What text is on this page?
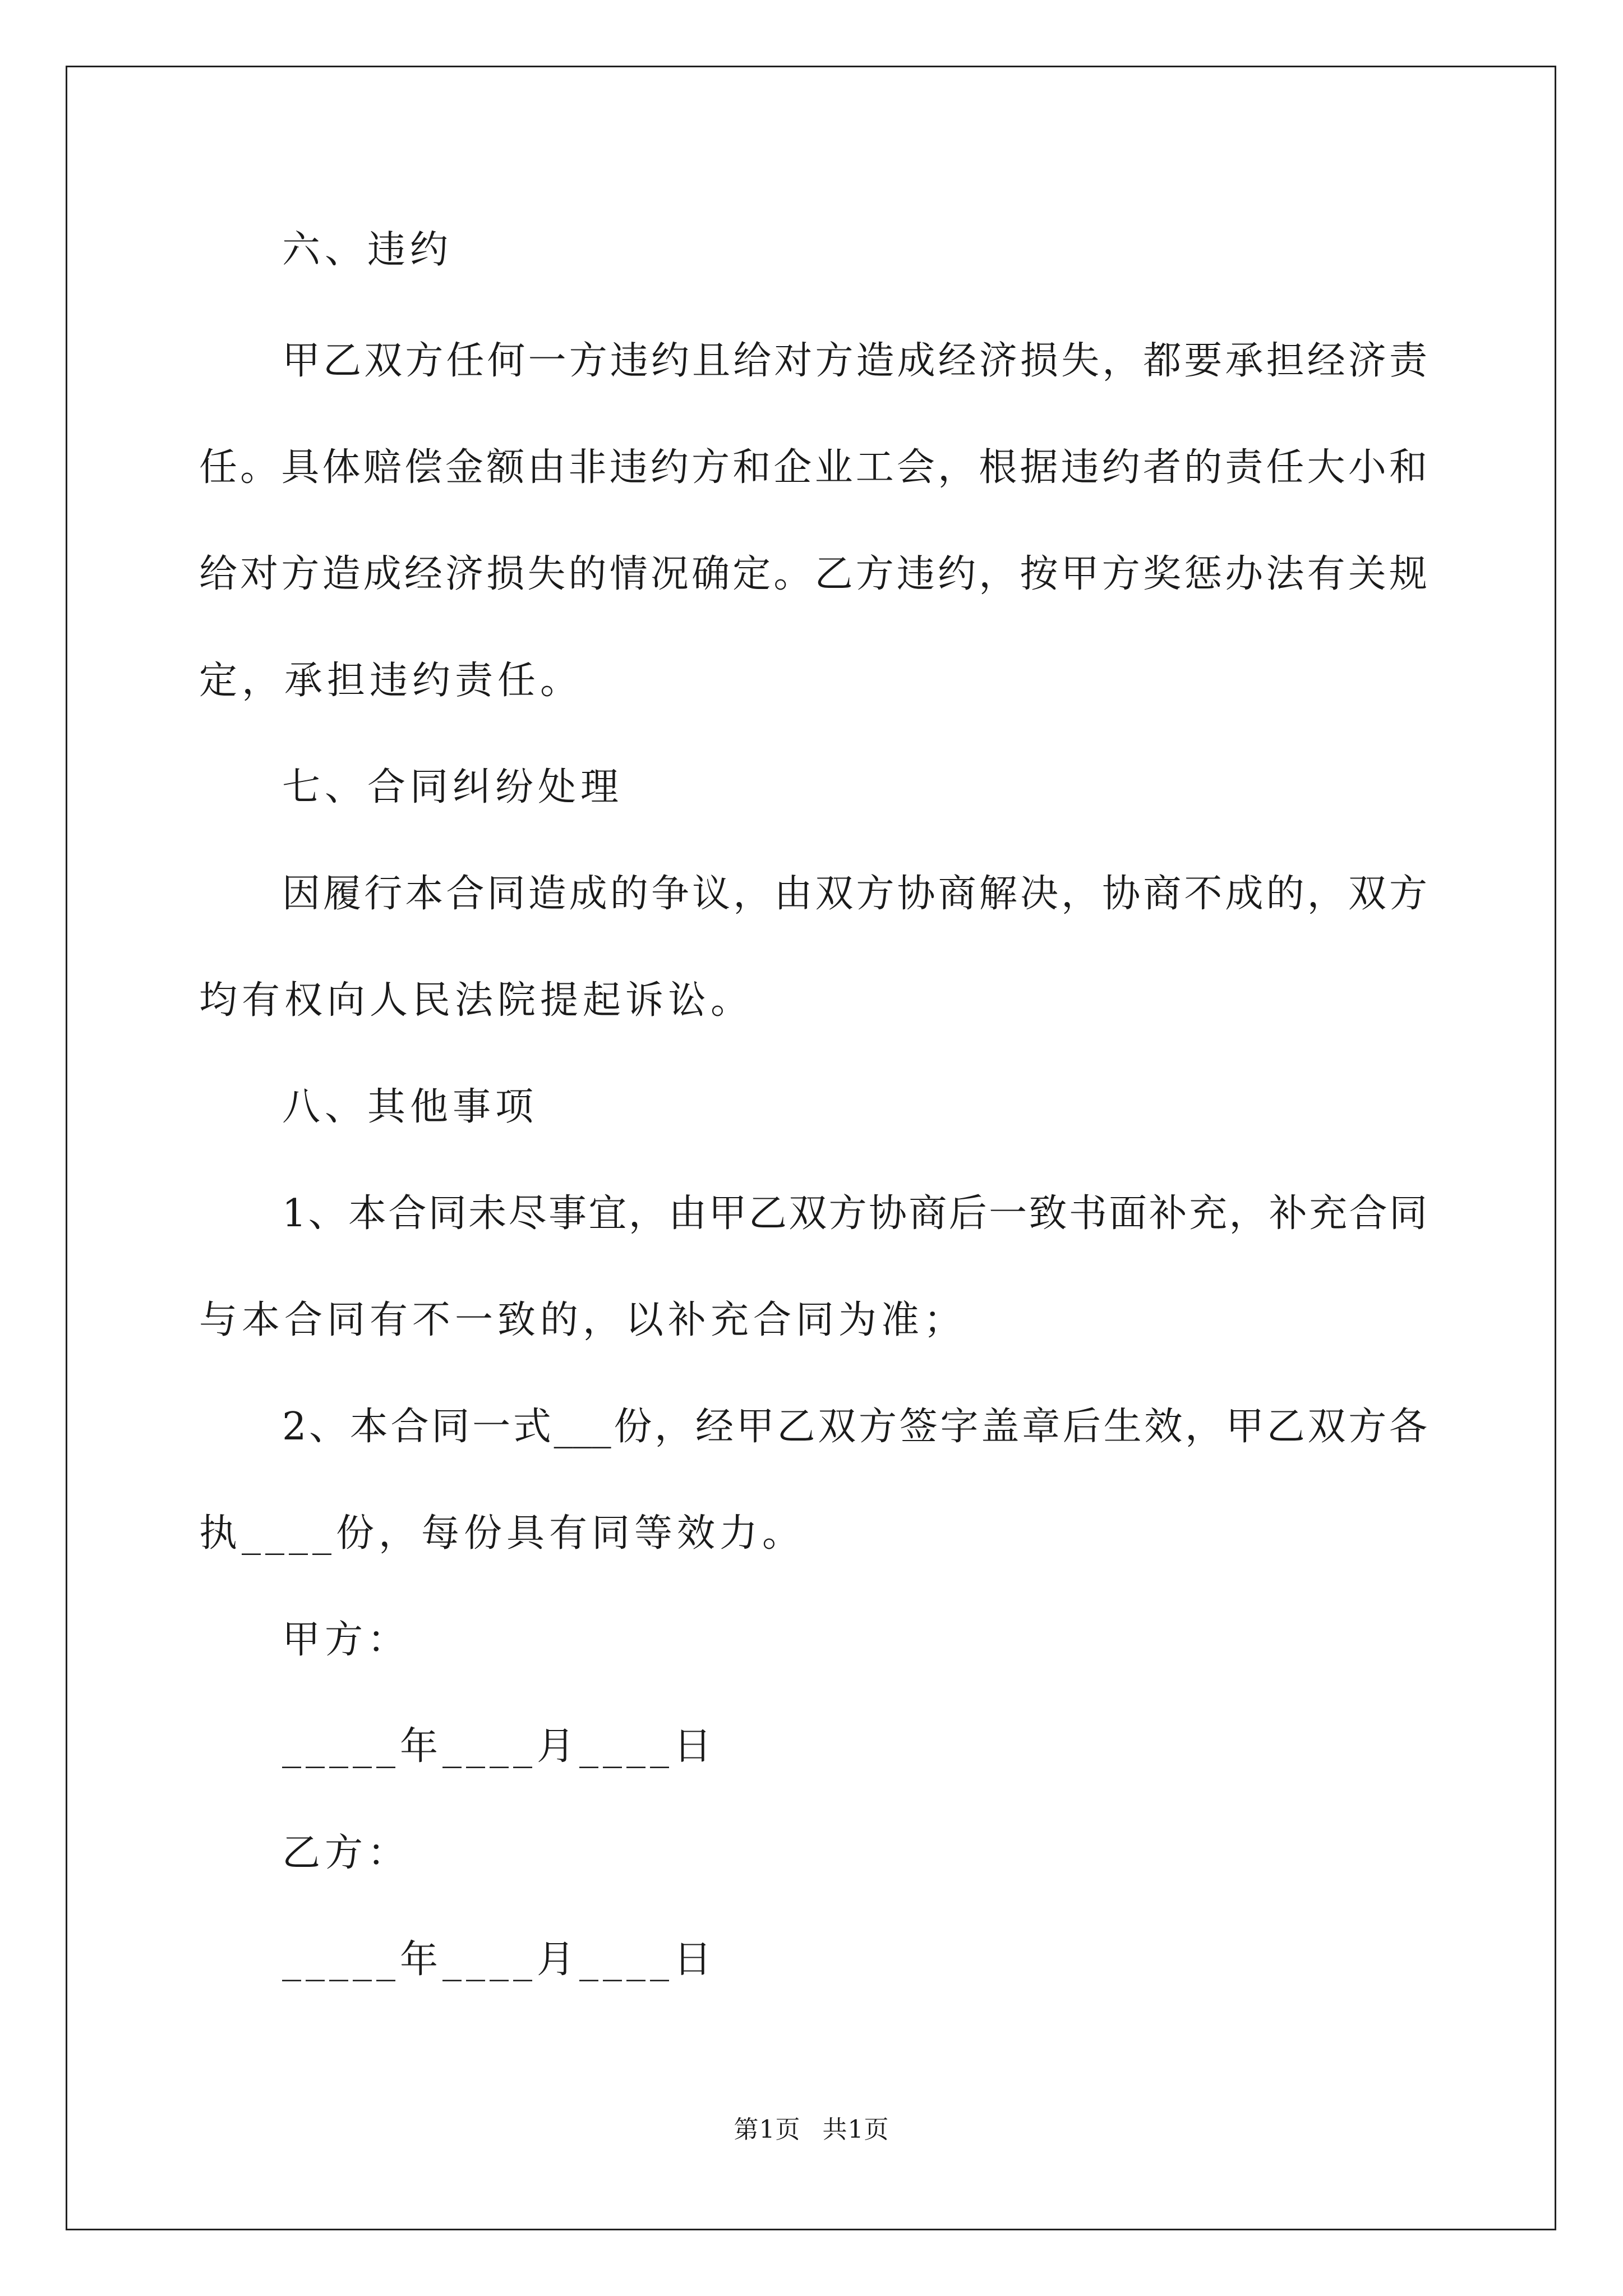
六、违约
甲乙双方任何一方违约且给对方造成经济损失，都要承担经济责
任。具体赔偿金额由非违约方和企业工会，根据违约者的责任大小和
给对方造成经济损失的情况确定。乙方违约，按甲方奖惩办法有关规
定，承担违约责任。
七、合同纠纷处理
因履行本合同造成的争议，由双方协商解决，协商不成的，双方
均有权向人民法院提起诉讼。
八、其他事项
1、本合同未尽事宜，由甲乙双方协商后一致书面补充，补充合同
与本合同有不一致的，以补充合同为准；
2、本合同一式___份，经甲乙双方签字盖章后生效，甲乙双方各
执____份，每份具有同等效力。
甲方：
_____年____月____日
乙方：
_____年____月____日
第1页 共1页
